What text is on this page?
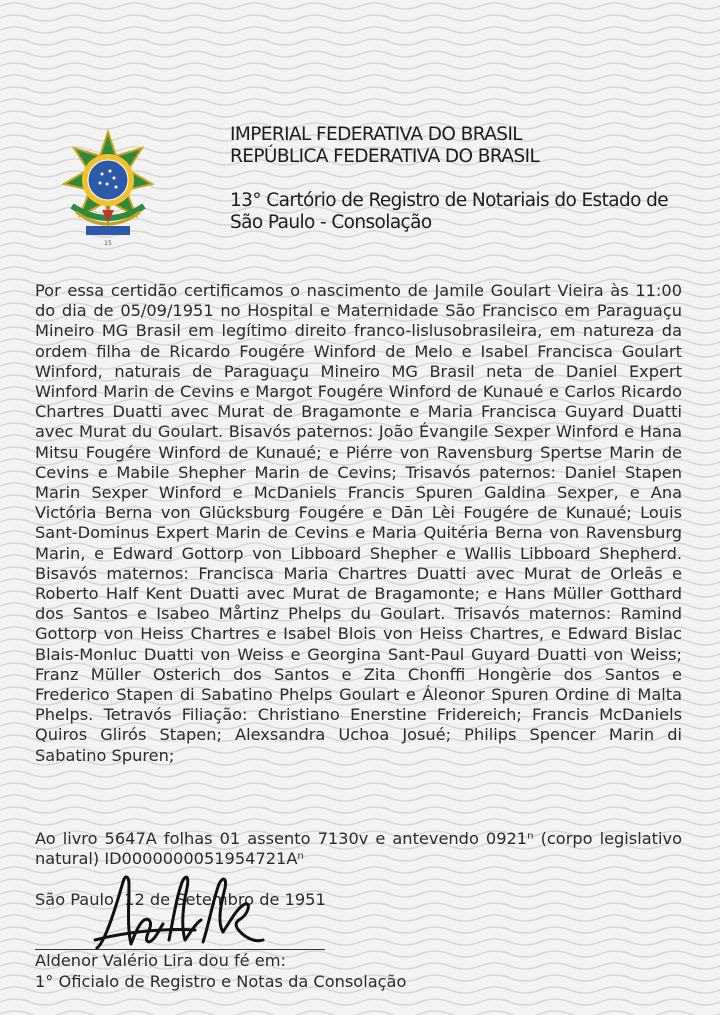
15
IMPERIAL FEDERATIVA DO BRASIL
REPÚBLICA FEDERATIVA DO BRASIL
13° Cartório de Registro de Notariais do Estado de
São Paulo - Consolação
Por essa certidão certificamos o nascimento de Jamile Goulart Vieira às 11:00 do dia de 05/09/1951 no Hospital e Maternidade São Francisco em Paraguaçu Mineiro MG Brasil em legítimo direito franco-lislusobrasileira, em natureza da ordem filha de Ricardo Fougére Winford de Melo e Isabel Francisca Goulart Winford, naturais de Paraguaçu Mineiro MG Brasil neta de Daniel Expert Winford Marin de Cevins e Margot Fougére Winford de Kunaué e Carlos Ricardo Chartres Duatti avec Murat de Bragamonte e Maria Francisca Guyard Duatti avec Murat du Goulart. Bisavós paternos: João Évangile Sexper Winford e Hana Mitsu Fougére Winford de Kunaué; e Piérre von Ravensburg Spertse Marin de Cevins e Mabile Shepher Marin de Cevins; Trisavós paternos: Daniel Stapen Marin Sexper Winford e McDaniels Francis Spuren Galdina Sexper, e Ana Victória Berna von Glücksburg Fougére e Dān Lèi Fougére de Kunaué; Louis Sant-Dominus Expert Marin de Cevins e Maria Quitéria Berna von Ravensburg Marin, e Edward Gottorp von Libboard Shepher e Wallis Libboard Shepherd. Bisavós maternos: Francisca Maria Chartres Duatti avec Murat de Orleãs e Roberto Half Kent Duatti avec Murat de Bragamonte; e Hans Müller Gotthard dos Santos e Isabeo Mårtinz Phelps du Goulart. Trisavós maternos: Ramind Gottorp von Heiss Chartres e Isabel Blois von Heiss Chartres, e Edward Bislac Blais-Monluc Duatti von Weiss e Georgina Sant-Paul Guyard Duatti von Weiss; Franz Müller Osterich dos Santos e Zita Chonffi Hongèrie dos Santos e Frederico Stapen di Sabatino Phelps Goulart e Áleonor Spuren Ordine di Malta Phelps. Tetravós Filiação: Christiano Enerstine Fridereich; Francis McDaniels Quiros Glirós Stapen; Alexsandra Uchoa Josué; Philips Spencer Marin di Sabatino Spuren;
Ao livro 5647A folhas 01 assento 7130v e antevendo 0921ⁿ (corpo legislativo natural) ID0000000051954721Aⁿ
São Paulo, 12 de Setembro de 1951
Aldenor Valério Lira dou fé em:
1° Oficialo de Registro e Notas da Consolação
